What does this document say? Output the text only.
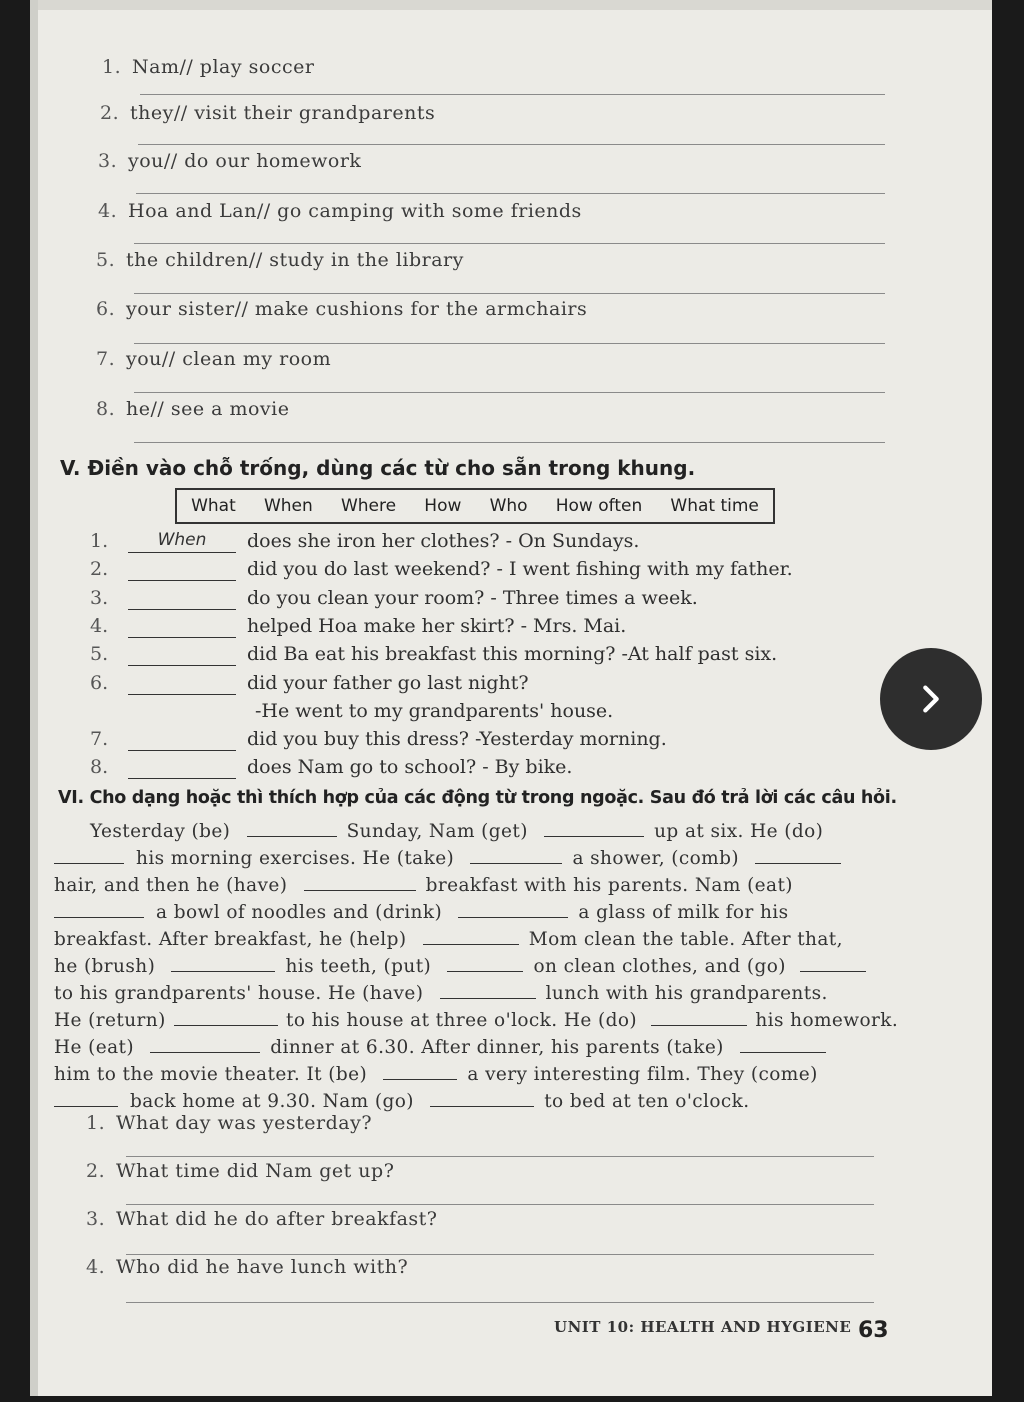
1. Nam// play soccer
2. they// visit their grandparents
3. you// do our homework
4. Hoa and Lan// go camping with some friends
5. the children// study in the library
6. your sister// make cushions for the armchairs
7. you// clean my room
8. he// see a movie
V. Điền vào chỗ trống, dùng các từ cho sẵn trong khung.
What When Where How Who How often What time
1.	When	does she iron her clothes? - On Sundays.
2.	did you do last weekend? - I went fishing with my father.
3.	do you clean your room? - Three times a week.
4.	helped Hoa make her skirt? - Mrs. Mai.
5.	did Ba eat his breakfast this morning? -At half past six.
6.	did your father go last night?
-He went to my grandparents' house.
7.	did you buy this dress? -Yesterday morning.
8.	does Nam go to school? - By bike.
VI. Cho dạng hoặc thì thích hợp của các động từ trong ngoặc. Sau đó trả lời các câu hỏi.
Yesterday (be)	Sunday, Nam (get)	up at six. He (do)
his morning exercises. He (take)	a shower, (comb)
hair, and then he (have)	breakfast with his parents. Nam (eat)
a bowl of noodles and (drink)	a glass of milk for his
breakfast. After breakfast, he (help)	Mom clean the table. After that,
he (brush)	his teeth, (put)	on clean clothes, and (go)
to his grandparents' house. He (have)	lunch with his grandparents.
He (return)	to his house at three o'lock. He (do)	his homework.
He (eat)	dinner at 6.30. After dinner, his parents (take)
him to the movie theater. It (be)	a very interesting film. They (come)
back home at 9.30. Nam (go)	to bed at ten o'clock.
1. What day was yesterday?
2. What time did Nam get up?
3. What did he do after breakfast?
4. Who did he have lunch with?
UNIT 10: HEALTH AND HYGIENE 63
